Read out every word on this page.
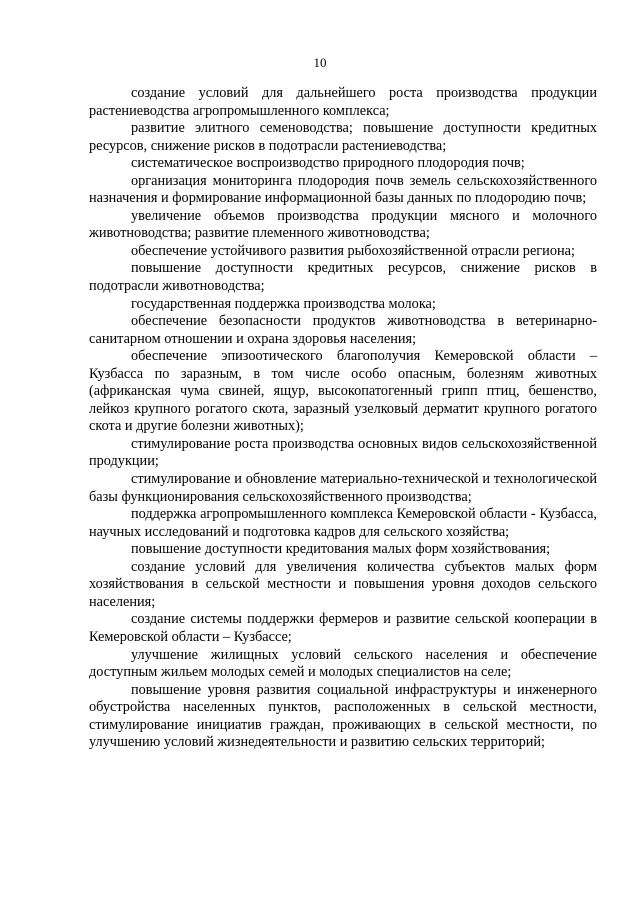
10

создание условий для дальнейшего роста производства продукции растениеводства агропромышленного комплекса;

развитие элитного семеноводства; повышение доступности кредитных ресурсов, снижение рисков в подотрасли растениеводства;

систематическое воспроизводство природного плодородия почв;

организация мониторинга плодородия почв земель сельскохозяйственного назначения и формирование информационной базы данных по плодородию почв;

увеличение объемов производства продукции мясного и молочного животноводства; развитие племенного животноводства;

обеспечение устойчивого развития рыбохозяйственной отрасли региона;

повышение доступности кредитных ресурсов, снижение рисков в подотрасли животноводства;

государственная поддержка производства молока;

обеспечение безопасности продуктов животноводства в ветеринарно-санитарном отношении и охрана здоровья населения;

обеспечение эпизоотического благополучия Кемеровской области – Кузбасса по заразным, в том числе особо опасным, болезням животных (африканская чума свиней, ящур, высокопатогенный грипп птиц, бешенство, лейкоз крупного рогатого скота, заразный узелковый дерматит крупного рогатого скота и другие болезни животных);

стимулирование роста производства основных видов сельскохозяйственной продукции;

стимулирование и обновление материально-технической и технологической базы функционирования сельскохозяйственного производства;

поддержка агропромышленного комплекса Кемеровской области - Кузбасса, научных исследований и подготовка кадров для сельского хозяйства;

повышение доступности кредитования малых форм хозяйствования;

создание условий для увеличения количества субъектов малых форм хозяйствования в сельской местности и повышения уровня доходов сельского населения;

создание системы поддержки фермеров и развитие сельской кооперации в Кемеровской области – Кузбассе;

улучшение жилищных условий сельского населения и обеспечение доступным жильем молодых семей и молодых специалистов на селе;

повышение уровня развития социальной инфраструктуры и инженерного обустройства населенных пунктов, расположенных в сельской местности, стимулирование инициатив граждан, проживающих в сельской местности, по улучшению условий жизнедеятельности и развитию сельских территорий;
